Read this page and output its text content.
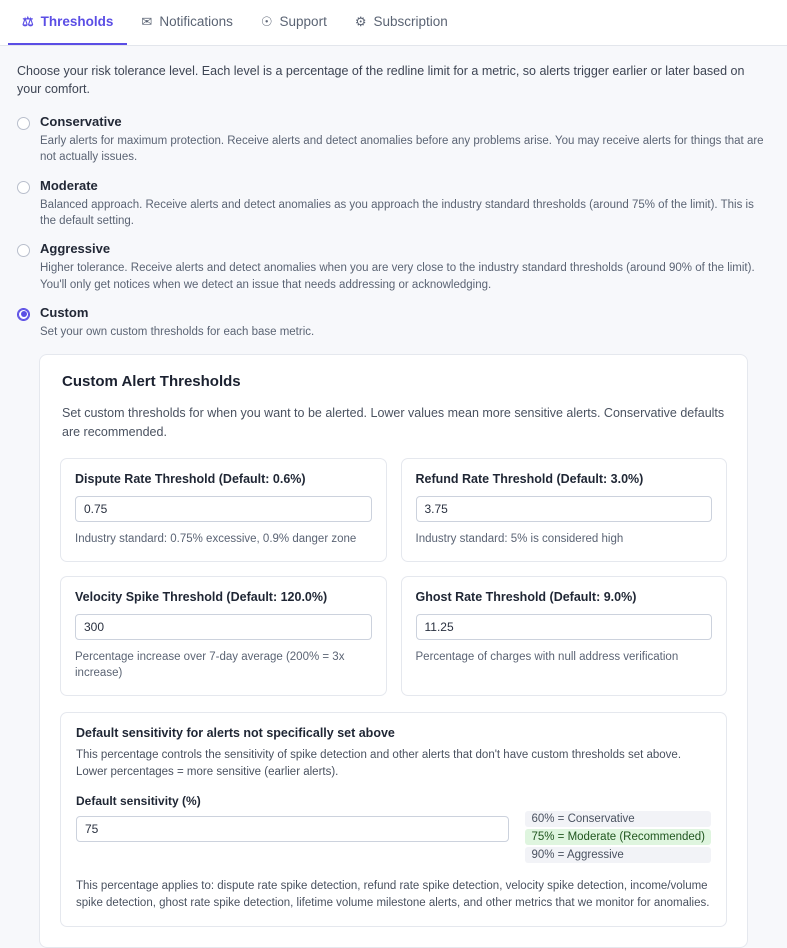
⚖ Thresholds ✉ Notifications ☉ Support ⚙ Subscription
Choose your risk tolerance level. Each level is a percentage of the redline limit for a metric, so alerts trigger earlier or later based on your comfort.
Conservative
Early alerts for maximum protection. Receive alerts and detect anomalies before any problems arise. You may receive alerts for things that are not actually issues.
Moderate
Balanced approach. Receive alerts and detect anomalies as you approach the industry standard thresholds (around 75% of the limit). This is the default setting.
Aggressive
Higher tolerance. Receive alerts and detect anomalies when you are very close to the industry standard thresholds (around 90% of the limit). You'll only get notices when we detect an issue that needs addressing or acknowledging.
Custom
Set your own custom thresholds for each base metric.
Custom Alert Thresholds
Set custom thresholds for when you want to be alerted. Lower values mean more sensitive alerts. Conservative defaults are recommended.
Dispute Rate Threshold (Default: 0.6%)
0.75
Industry standard: 0.75% excessive, 0.9% danger zone
Refund Rate Threshold (Default: 3.0%)
3.75
Industry standard: 5% is considered high
Velocity Spike Threshold (Default: 120.0%)
300
Percentage increase over 7-day average (200% = 3x increase)
Ghost Rate Threshold (Default: 9.0%)
11.25
Percentage of charges with null address verification
Default sensitivity for alerts not specifically set above
This percentage controls the sensitivity of spike detection and other alerts that don't have custom thresholds set above. Lower percentages = more sensitive (earlier alerts).
Default sensitivity (%)
75
60% = Conservative
75% = Moderate (Recommended)
90% = Aggressive
This percentage applies to: dispute rate spike detection, refund rate spike detection, velocity spike detection, income/volume spike detection, ghost rate spike detection, lifetime volume milestone alerts, and other metrics that we monitor for anomalies.
